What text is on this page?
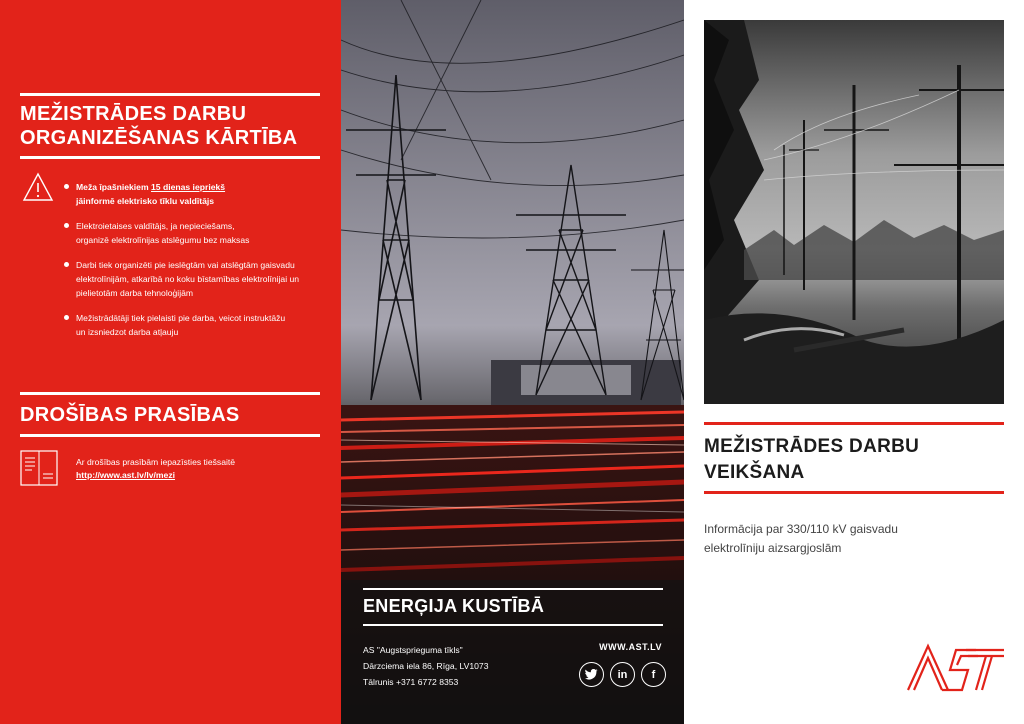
MEŽISTRĀDES DARBU
ORGANIZĒŠANAS KĀRTĪBA
Meža īpašniekiem 15 dienas iepriekš
jāinformē elektrisko tīklu valdītājs
Elektroietaises valdītājs, ja nepieciešams,
organizē elektrolīnijas atslēgumu bez maksas
Darbi tiek organizēti pie ieslēgtām vai atslēgtām gaisvadu
elektrolīnijām, atkarībā no koku bīstamības elektrolīnijai un
pielietotām darba tehnoloģijām
Mežistrādātāji tiek pielaisti pie darba, veicot instruktāžu
un izsniedzot darba atļauju
DROŠĪBAS PRASĪBAS
Ar drošības prasībām iepazīsties tiešsaitē
http://www.ast.lv/lv/mezi
ENERĢIJA KUSTĪBĀ
AS "Augstsprieguma tīkls"
Dārzciema iela 86, Rīga, LV1073
Tālrunis +371 6772 8353
WWW.AST.LV
in	f
MEŽISTRĀDES DARBU
VEIKŠANA
Informācija par 330/110 kV gaisvadu
elektrolīniju aizsargjoslām
